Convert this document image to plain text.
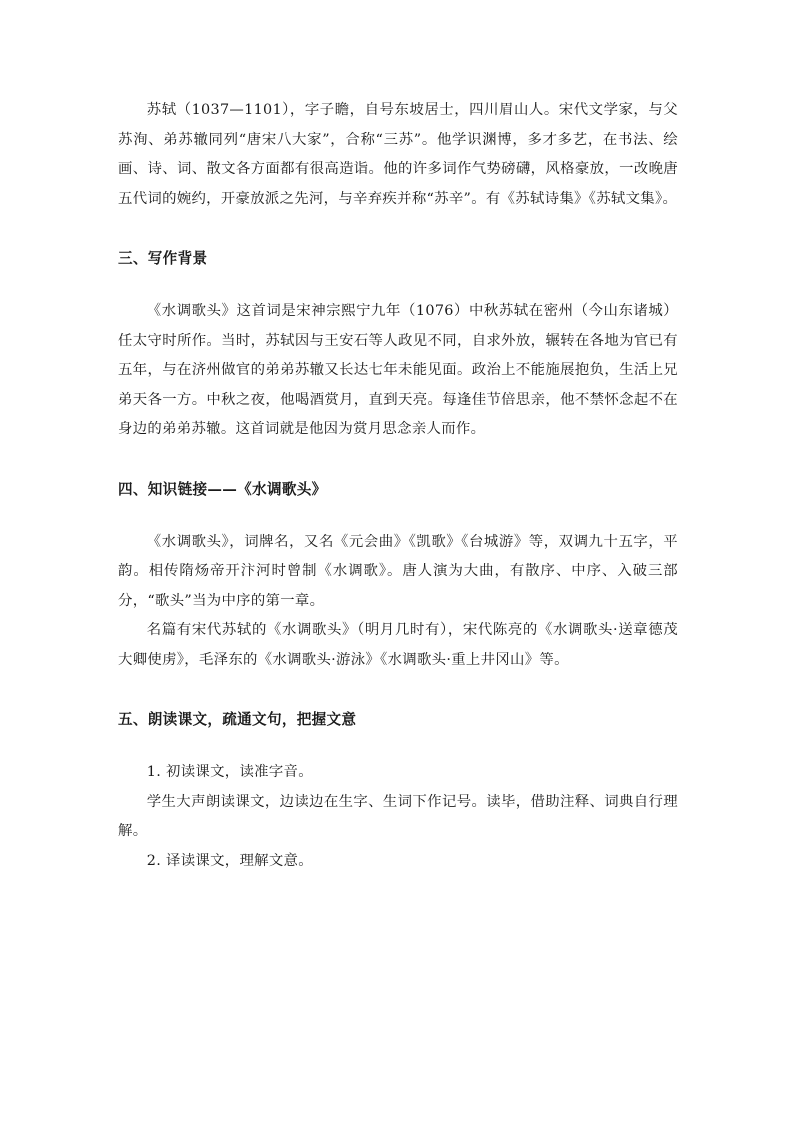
苏轼（1037—1101），字子瞻，自号东坡居士，四川眉山人。宋代文学家，与父苏洵、弟苏辙同列“唐宋八大家”，合称“三苏”。他学识渊博，多才多艺，在书法、绘画、诗、词、散文各方面都有很高造诣。他的许多词作气势磅礴，风格豪放，一改晚唐五代词的婉约，开豪放派之先河，与辛弃疾并称“苏辛”。有《苏轼诗集》《苏轼文集》。

三、写作背景

《水调歌头》这首词是宋神宗熙宁九年（1076）中秋苏轼在密州（今山东诸城）任太守时所作。当时，苏轼因与王安石等人政见不同，自求外放，辗转在各地为官已有五年，与在济州做官的弟弟苏辙又长达七年未能见面。政治上不能施展抱负，生活上兄弟天各一方。中秋之夜，他喝酒赏月，直到天亮。每逢佳节倍思亲，他不禁怀念起不在身边的弟弟苏辙。这首词就是他因为赏月思念亲人而作。

四、知识链接——《水调歌头》

《水调歌头》，词牌名，又名《元会曲》《凯歌》《台城游》等，双调九十五字，平韵。相传隋炀帝开汴河时曾制《水调歌》。唐人演为大曲，有散序、中序、入破三部分，“歌头”当为中序的第一章。

名篇有宋代苏轼的《水调歌头》（明月几时有），宋代陈亮的《水调歌头·送章德茂大卿使虏》，毛泽东的《水调歌头·游泳》《水调歌头·重上井冈山》等。

五、朗读课文，疏通文句，把握文意

1. 初读课文，读准字音。

学生大声朗读课文，边读边在生字、生词下作记号。读毕，借助注释、词典自行理解。

2. 译读课文，理解文意。
